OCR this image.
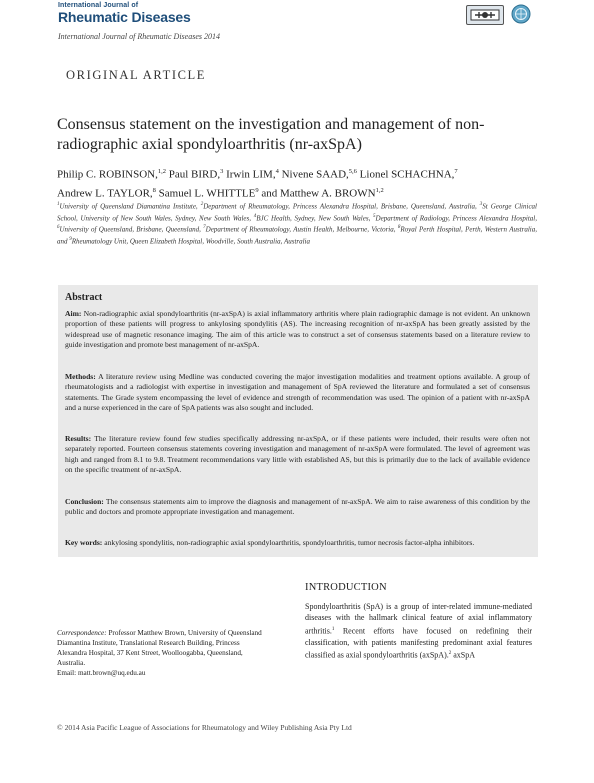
International Journal of
Rheumatic Diseases
International Journal of Rheumatic Diseases 2014
ORIGINAL ARTICLE
Consensus statement on the investigation and management of non-radiographic axial spondyloarthritis (nr-axSpA)
Philip C. ROBINSON,$^{1,2}$ Paul BIRD,$^3$ Irwin LIM,$^4$ Nivene SAAD,$^{5,6}$ Lionel SCHACHNA,$^7$
Andrew L. TAYLOR,$^8$ Samuel L. WHITTLE$^9$ and Matthew A. BROWN$^{1,2}$
$^1$University of Queensland Diamantina Institute, $^2$Department of Rheumatology, Princess Alexandra Hospital, Brisbane, Queensland, Australia, $^3$St George Clinical School, University of New South Wales, Sydney, New South Wales, $^4$BJC Health, Sydney, New South Wales, $^5$Department of Radiology, Princess Alexandra Hospital, $^6$University of Queensland, Brisbane, Queensland, $^7$Department of Rheumatology, Austin Health, Melbourne, Victoria, $^8$Royal Perth Hospital, Perth, Western Australia, and $^9$Rheumatology Unit, Queen Elizabeth Hospital, Woodville, South Australia, Australia
Abstract
Aim: Non-radiographic axial spondyloarthritis (nr-axSpA) is axial inflammatory arthritis where plain radiographic damage is not evident. An unknown proportion of these patients will progress to ankylosing spondylitis (AS). The increasing recognition of nr-axSpA has been greatly assisted by the widespread use of magnetic resonance imaging. The aim of this article was to construct a set of consensus statements based on a literature review to guide investigation and promote best management of nr-axSpA.
Methods: A literature review using Medline was conducted covering the major investigation modalities and treatment options available. A group of rheumatologists and a radiologist with expertise in investigation and management of SpA reviewed the literature and formulated a set of consensus statements. The Grade system encompassing the level of evidence and strength of recommendation was used. The opinion of a patient with nr-axSpA and a nurse experienced in the care of SpA patients was also sought and included.
Results: The literature review found few studies specifically addressing nr-axSpA, or if these patients were included, their results were often not separately reported. Fourteen consensus statements covering investigation and management of nr-axSpA were formulated. The level of agreement was high and ranged from 8.1 to 9.8. Treatment recommendations vary little with established AS, but this is primarily due to the lack of available evidence on the specific treatment of nr-axSpA.
Conclusion: The consensus statements aim to improve the diagnosis and management of nr-axSpA. We aim to raise awareness of this condition by the public and doctors and promote appropriate investigation and management.
Key words: ankylosing spondylitis, non-radiographic axial spondyloarthritis, spondyloarthritis, tumor necrosis factor-alpha inhibitors.
Correspondence: Professor Matthew Brown, University of Queensland Diamantina Institute, Translational Research Building, Princess Alexandra Hospital, 37 Kent Street, Woolloogabba, Queensland, Australia.
Email: matt.brown@uq.edu.au
INTRODUCTION
Spondyloarthritis (SpA) is a group of inter-related immune-mediated diseases with the hallmark clinical feature of axial inflammatory arthritis.$^1$ Recent efforts have focused on redefining their classification, with patients manifesting predominant axial features classified as axial spondyloarthritis (axSpA).$^2$ axSpA
© 2014 Asia Pacific League of Associations for Rheumatology and Wiley Publishing Asia Pty Ltd
